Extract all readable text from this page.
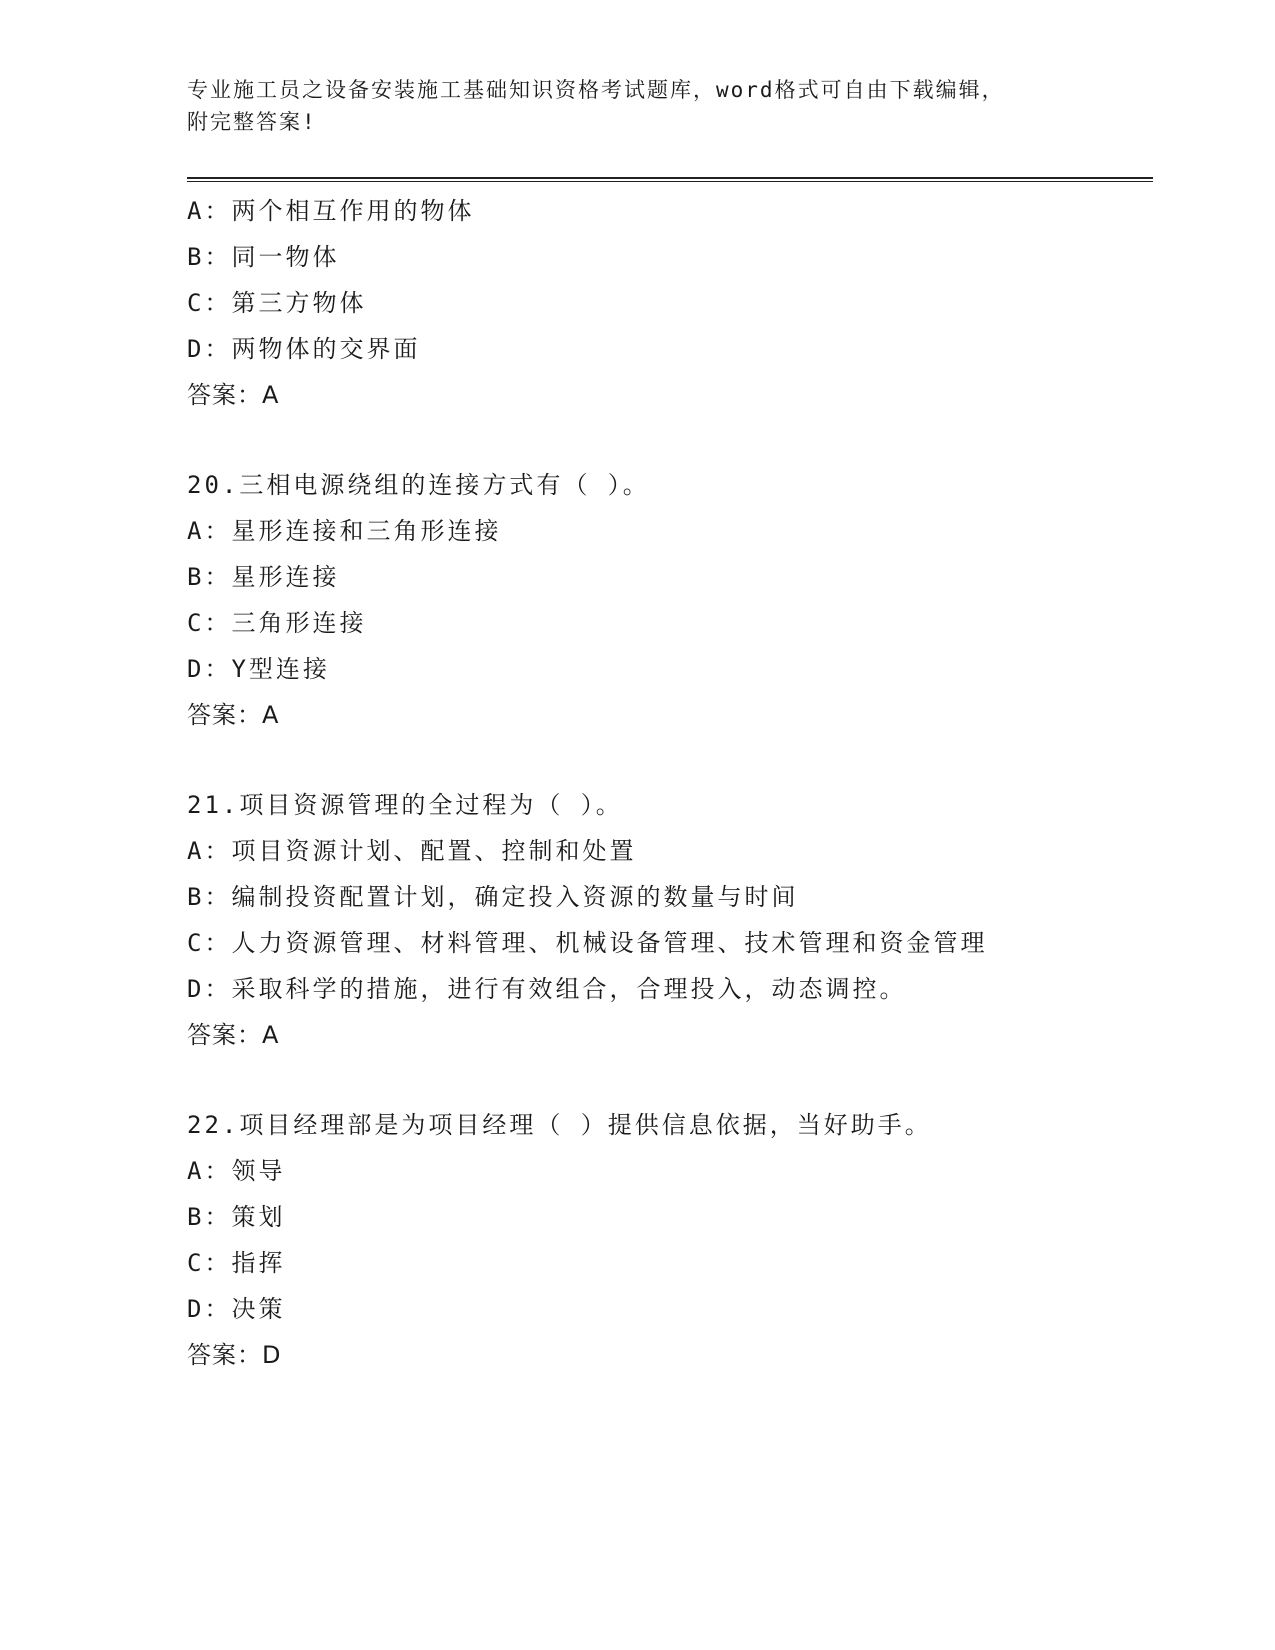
专业施工员之设备安装施工基础知识资格考试题库，word格式可自由下载编辑，
附完整答案!
A：两个相互作用的物体
B：同一物体
C：第三方物体
D：两物体的交界面
答案：A
20.三相电源绕组的连接方式有（ ）。
A：星形连接和三角形连接
B：星形连接
C：三角形连接
D：Y型连接
答案：A
21.项目资源管理的全过程为（ ）。
A：项目资源计划、配置、控制和处置
B：编制投资配置计划，确定投入资源的数量与时间
C：人力资源管理、材料管理、机械设备管理、技术管理和资金管理
D：采取科学的措施，进行有效组合，合理投入，动态调控。
答案：A
22.项目经理部是为项目经理（ ）提供信息依据，当好助手。
A：领导
B：策划
C：指挥
D：决策
答案：D
